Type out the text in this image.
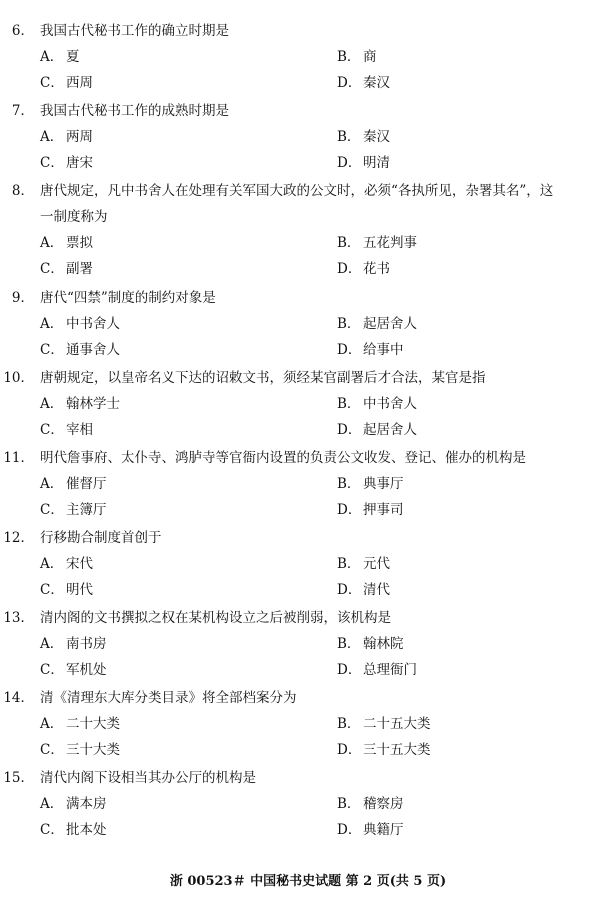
6． 我国古代秘书工作的确立时期是
A． 夏	B． 商
C． 西周	D． 秦汉
7． 我国古代秘书工作的成熟时期是
A． 两周	B． 秦汉
C． 唐宋	D． 明清
8． 唐代规定，凡中书舍人在处理有关军国大政的公文时，必须“各执所见，杂署其名”，这
一制度称为
A． 票拟	B． 五花判事
C． 副署	D． 花书
9． 唐代“四禁”制度的制约对象是
A． 中书舍人	B． 起居舍人
C． 通事舍人	D． 给事中
10． 唐朝规定，以皇帝名义下达的诏敕文书，须经某官副署后才合法，某官是指
A． 翰林学士	B． 中书舍人
C． 宰相	D． 起居舍人
11． 明代詹事府、太仆寺、鸿胪寺等官衙内设置的负责公文收发、登记、催办的机构是
A． 催督厅	B． 典事厅
C． 主簿厅	D． 押事司
12． 行移勘合制度首创于
A． 宋代	B． 元代
C． 明代	D． 清代
13． 清内阁的文书撰拟之权在某机构设立之后被削弱，该机构是
A． 南书房	B． 翰林院
C． 军机处	D． 总理衙门
14． 清《清理东大库分类目录》将全部档案分为
A． 二十大类	B． 二十五大类
C． 三十大类	D． 三十五大类
15． 清代内阁下设相当其办公厅的机构是
A． 满本房	B． 稽察房
C． 批本处	D． 典籍厅
浙 00523＃ 中国秘书史试题 第 2 页(共 5 页)
